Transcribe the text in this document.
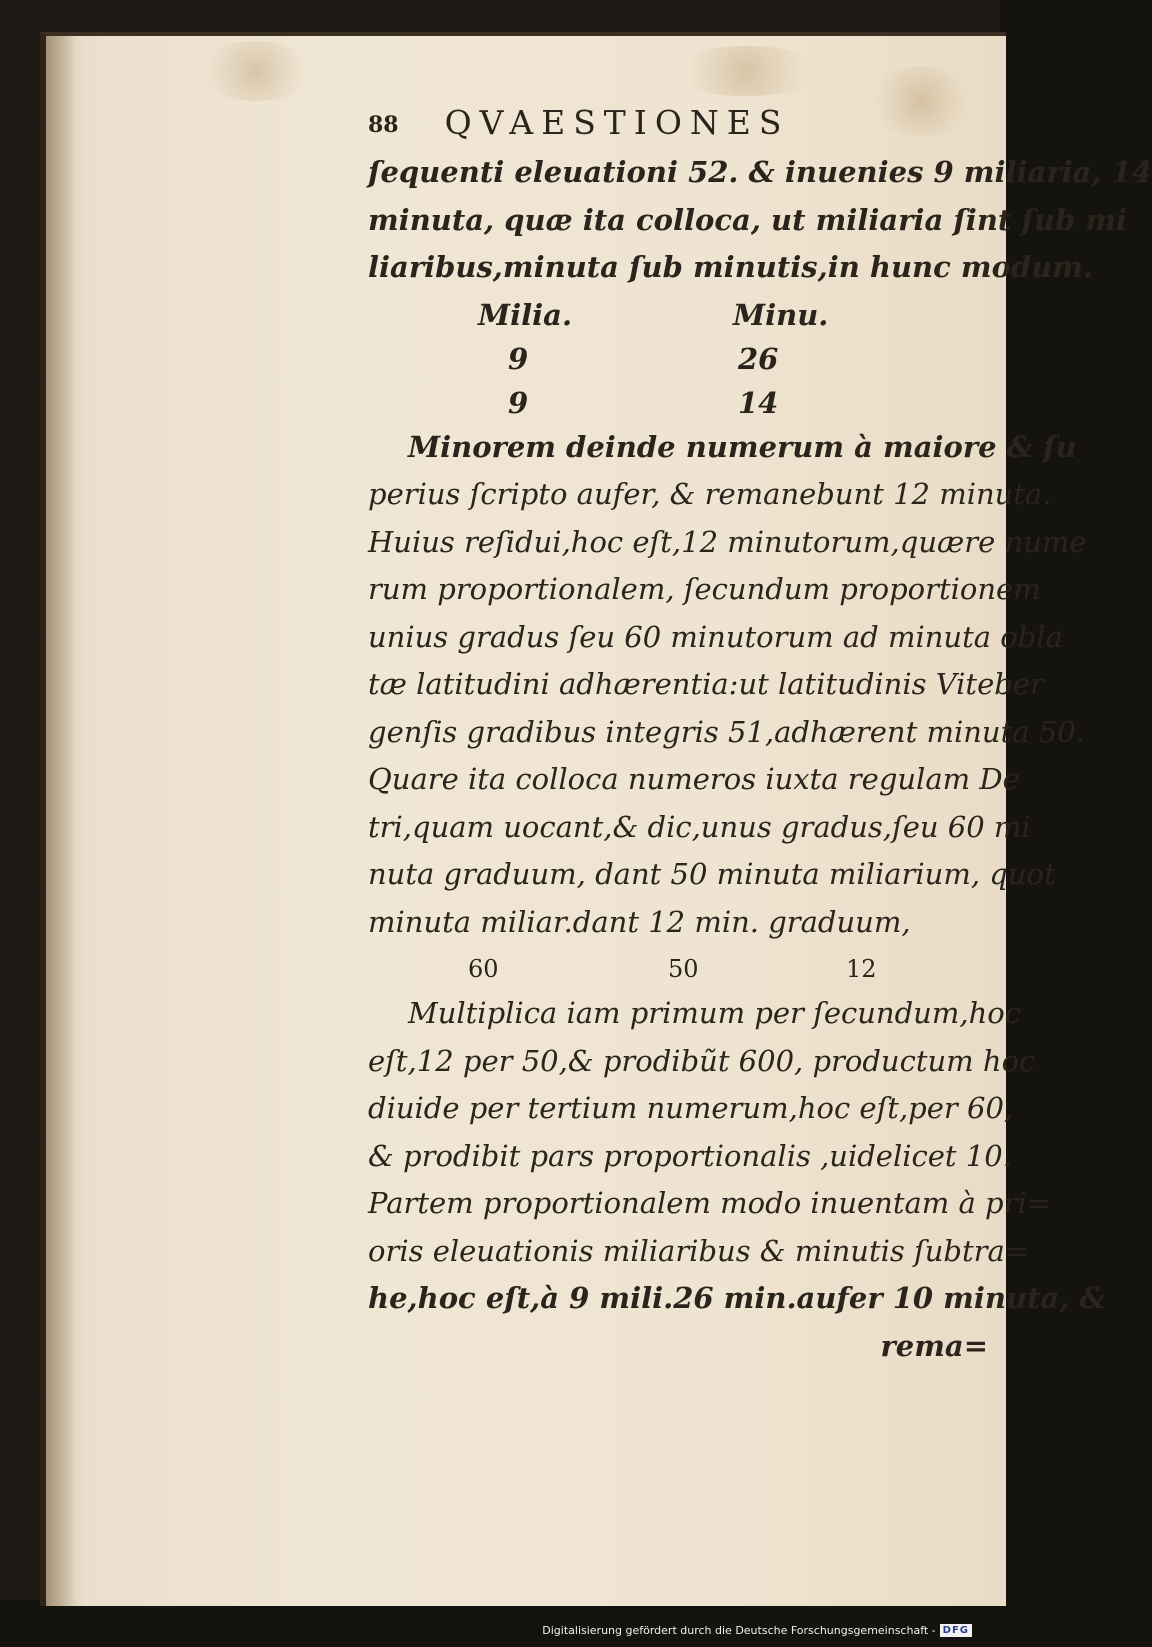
88 QVAESTIONES
ſequenti eleuationi 52. & inuenies 9 miliaria, 14
minuta, quæ ita colloca, ut miliaria ſint ſub mi
liaribus,minuta ſub minutis,in hunc modum.
Milia.	Minu.
9	26
9	14
Minorem deinde numerum à maiore & ſu
perius ſcripto aufer, & remanebunt 12 minuta.
Huius reſidui,hoc eſt,12 minutorum,quære nume
rum proportionalem, ſecundum proportionem
unius gradus ſeu 60 minutorum ad minuta obla
tæ latitudini adhærentia:ut latitudinis Viteber
genſis gradibus integris 51,adhærent minuta 50.
Quare ita colloca numeros iuxta regulam De
tri,quam uocant,& dic,unus gradus,ſeu 60 mi
nuta graduum, dant 50 minuta miliarium, quot
minuta miliar.dant 12 min. graduum,
60	50	12
Multiplica iam primum per ſecundum,hoc
eſt,12 per 50,& prodibũt 600, productum hoc
diuide per tertium numerum,hoc eſt,per 60,
& prodibit pars proportionalis ,uidelicet 10.
Partem proportionalem modo inuentam à pri=
oris eleuationis miliaribus & minutis ſubtra=
he,hoc eſt,à 9 mili.26 min.aufer 10 minuta, &
rema=
Digitalisierung gefördert durch die Deutsche Forschungsgemeinschaft - DFG
